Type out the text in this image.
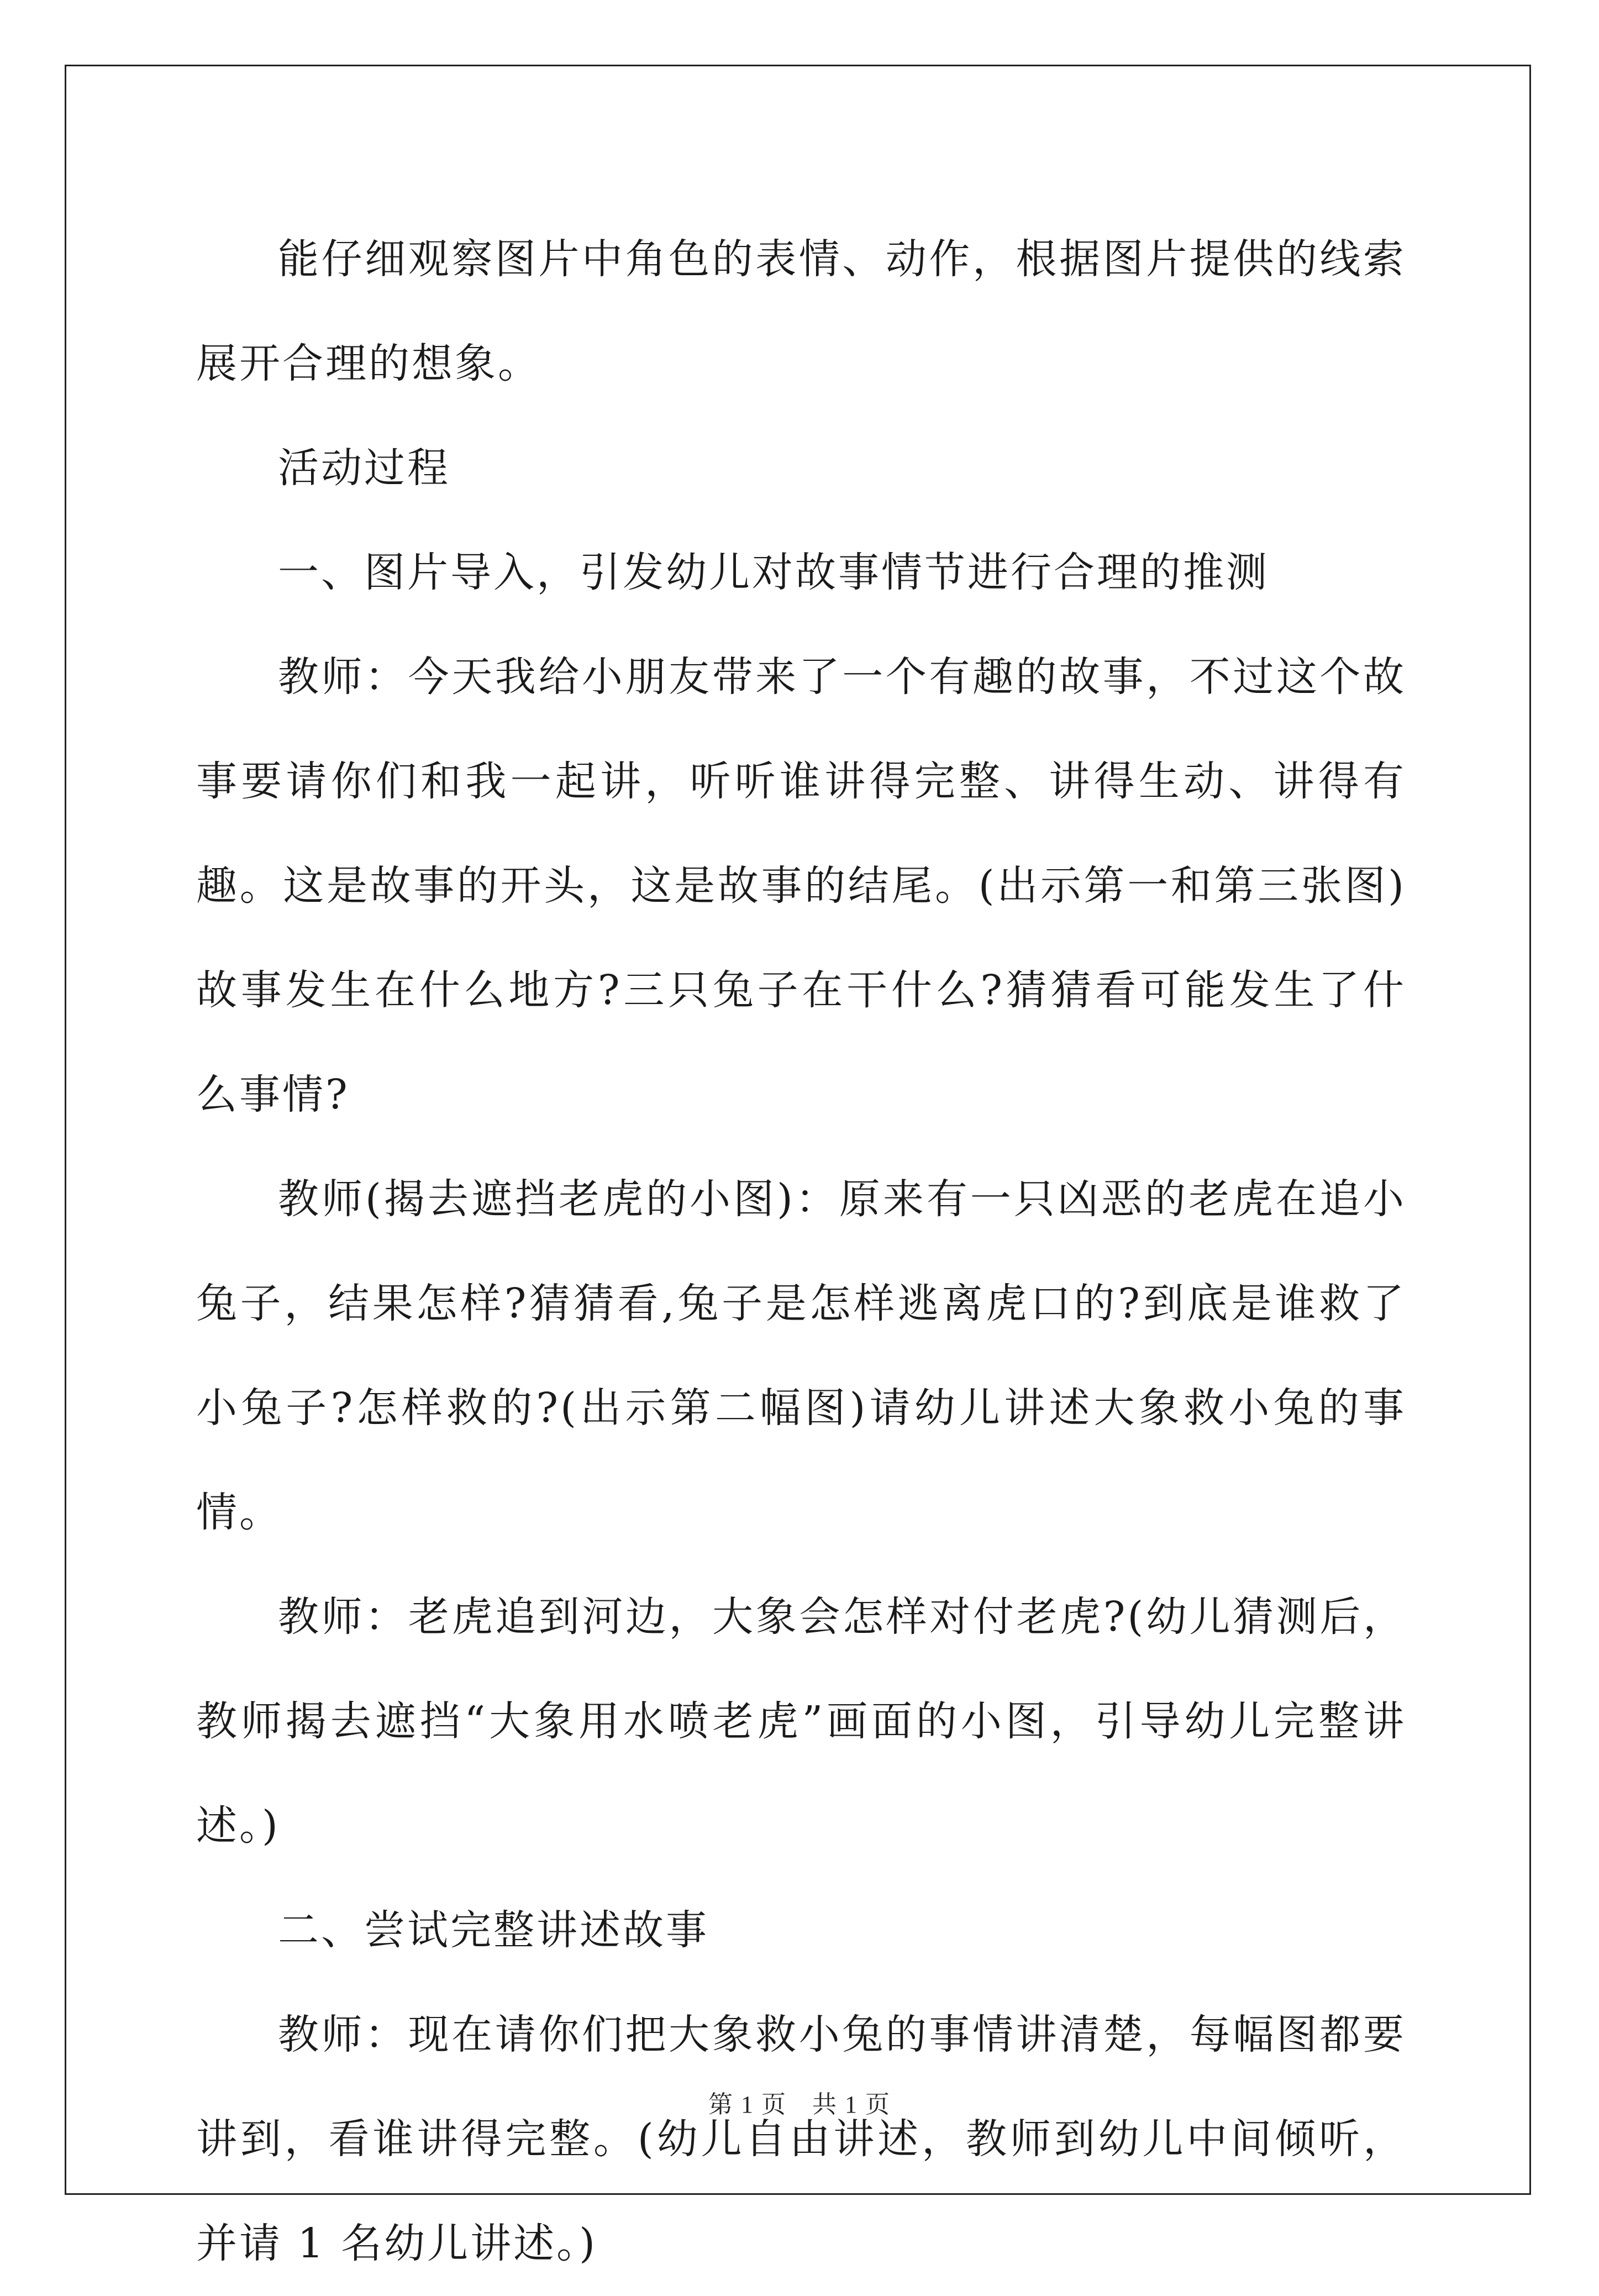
能仔细观察图片中角色的表情、动作，根据图片提供的线索展开合理的想象。

活动过程

一、图片导入，引发幼儿对故事情节进行合理的推测

教师：今天我给小朋友带来了一个有趣的故事，不过这个故事要请你们和我一起讲，听听谁讲得完整、讲得生动、讲得有趣。这是故事的开头，这是故事的结尾。(出示第一和第三张图)故事发生在什么地方?三只兔子在干什么?猜猜看可能发生了什么事情?

教师(揭去遮挡老虎的小图)：原来有一只凶恶的老虎在追小兔子，结果怎样?猜猜看,兔子是怎样逃离虎口的?到底是谁救了小兔子?怎样救的?(出示第二幅图)请幼儿讲述大象救小兔的事情。

教师：老虎追到河边，大象会怎样对付老虎?(幼儿猜测后，教师揭去遮挡“大象用水喷老虎”画面的小图，引导幼儿完整讲述。)

二、尝试完整讲述故事

教师：现在请你们把大象救小兔的事情讲清楚，每幅图都要讲到，看谁讲得完整。(幼儿自由讲述，教师到幼儿中间倾听，并请 1 名幼儿讲述。)

第 1 页 共 1 页
